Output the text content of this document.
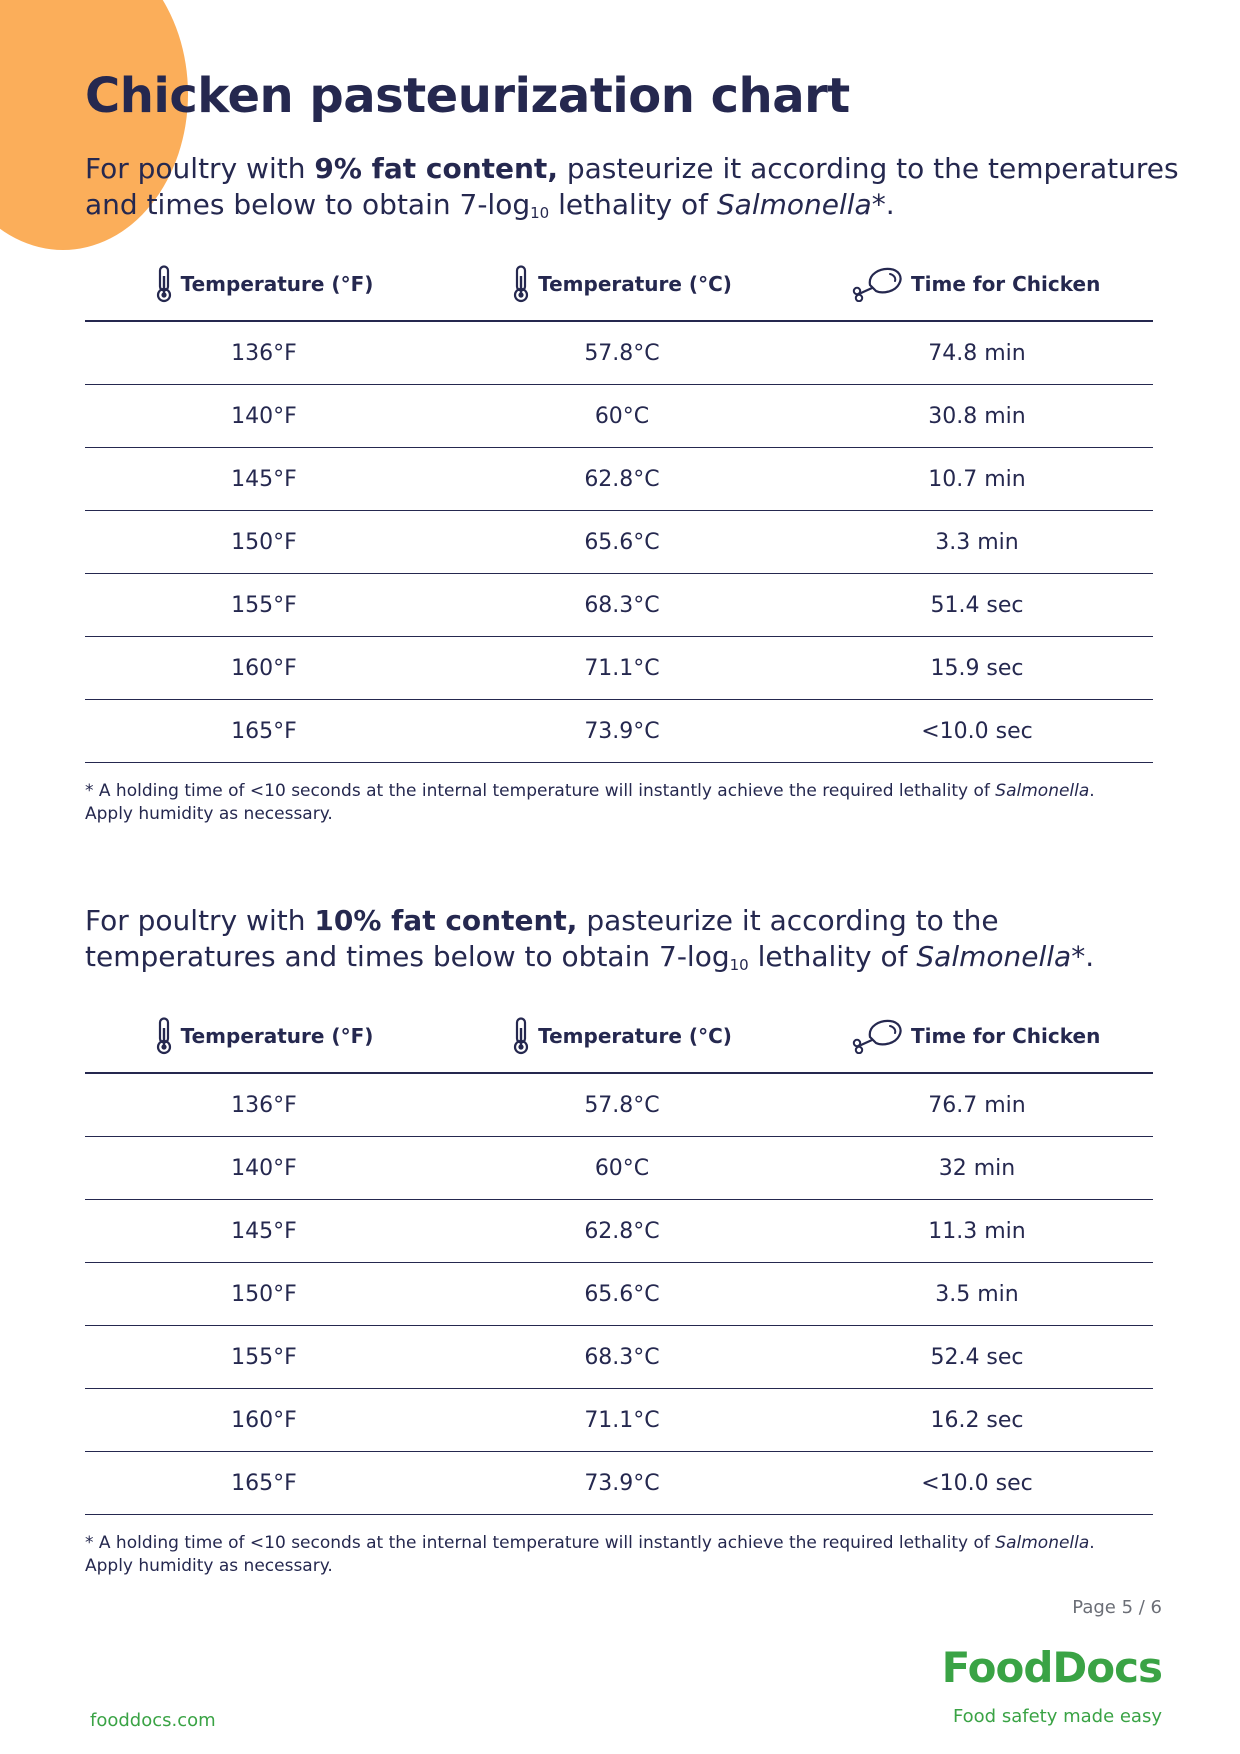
Chicken pasteurization chart

For poultry with 9% fat content, pasteurize it according to the temperatures and times below to obtain $7-\log_{10}$ lethality of Salmonella*.

Temperature (°F)	Temperature (°C)	Time for Chicken

136°F	57.8°C	74.8 min
140°F	60°C	30.8 min
145°F	62.8°C	10.7 min
150°F	65.6°C	3.3 min
155°F	68.3°C	51.4 sec
160°F	71.1°C	15.9 sec
165°F	73.9°C	<10.0 sec

* A holding time of <10 seconds at the internal temperature will instantly achieve the required lethality of Salmonella.
Apply humidity as necessary.

For poultry with 10% fat content, pasteurize it according to the temperatures and times below to obtain $7-\log_{10}$ lethality of Salmonella*.

Temperature (°F)	Temperature (°C)	Time for Chicken

136°F	57.8°C	76.7 min
140°F	60°C	32 min
145°F	62.8°C	11.3 min
150°F	65.6°C	3.5 min
155°F	68.3°C	52.4 sec
160°F	71.1°C	16.2 sec
165°F	73.9°C	<10.0 sec

* A holding time of <10 seconds at the internal temperature will instantly achieve the required lethality of Salmonella.
Apply humidity as necessary.

Page 5 / 6
FoodDocs
Food safety made easy
fooddocs.com
